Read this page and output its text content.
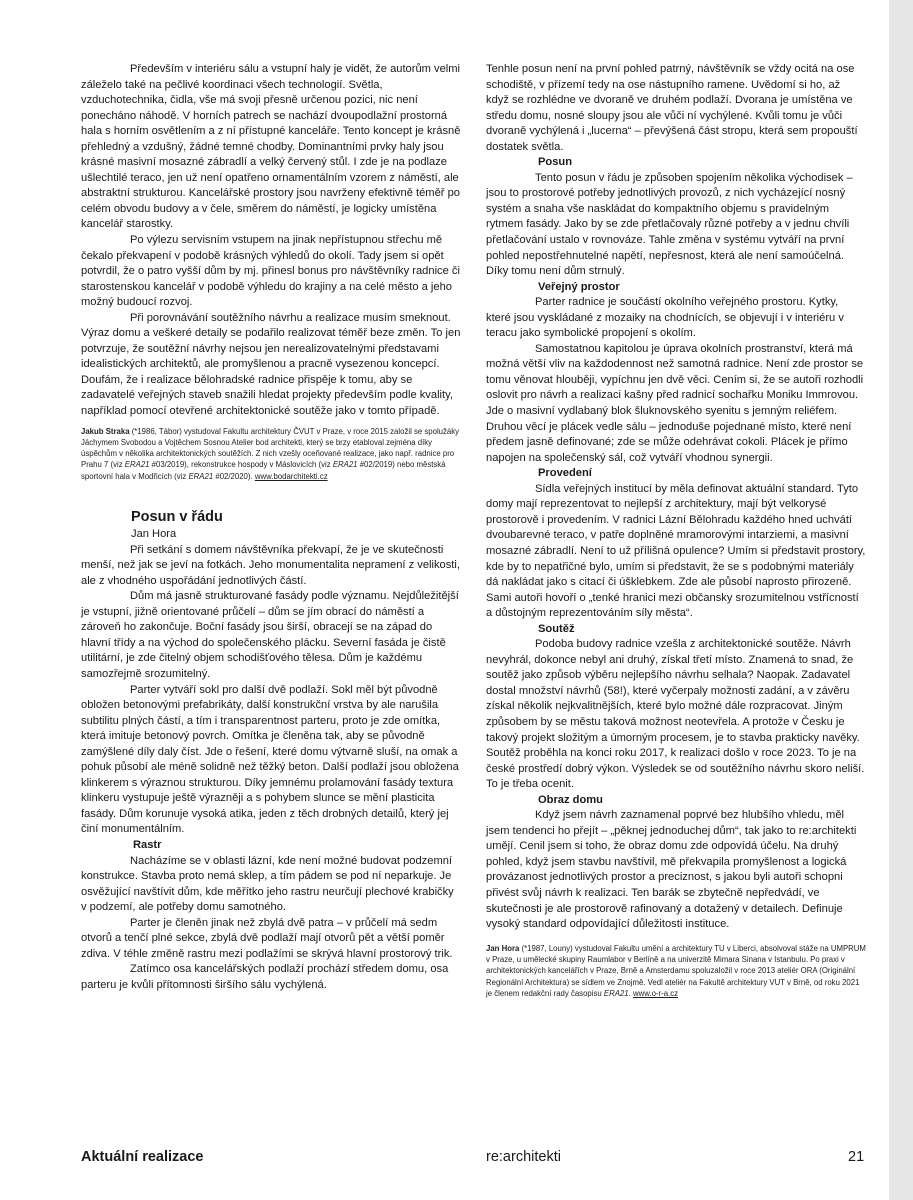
Především v interiéru sálu a vstupní haly je vidět, že autorům velmi záleželo také na pečlivé koordinaci všech technologií. Světla, vzduchotechnika, čidla, vše má svoji přesně určenou pozici, nic není ponecháno náhodě. V horních patrech se nachází dvoupodlažní prostorná hala s horním osvětlením a z ní přístupné kanceláře. Tento koncept je krásně přehledný a vzdušný, žádné temné chodby. Dominantními prvky haly jsou krásné masivní mosazné zábradlí a velký červený stůl. I zde je na podlaze ušlechtilé teraco, jen už není opatřeno ornamentálním vzorem z náměstí, ale abstraktní strukturou. Kancelářské prostory jsou navrženy efektivně téměř po celém obvodu budovy a v čele, směrem do náměstí, je logicky umístěna kancelář starostky.

Po výlezu servisním vstupem na jinak nepřístupnou střechu mě čekalo překvapení v podobě krásných výhledů do okolí. Tady jsem si opět potvrdil, že o patro vyšší dům by mj. přinesl bonus pro návštěvníky radnice či starostenskou kancelář v podobě výhledu do krajiny a na celé město a jeho možný budoucí rozvoj.

Při porovnávání soutěžního návrhu a realizace musím smeknout. Výraz domu a veškeré detaily se podařilo realizovat téměř beze změn. To jen potvrzuje, že soutěžní návrhy nejsou jen nerealizovatelnými představami idealistických architektů, ale promyšlenou a pracně vysezenou koncepcí. Doufám, že i realizace bělohradské radnice přispěje k tomu, aby se zadavatelé veřejných staveb snažili hledat projekty především podle kvality, například pomocí otevřené architektonické soutěže jako v tomto případě.

Jakub Straka (*1986, Tábor) vystudoval Fakultu architektury ČVUT v Praze, v roce 2015 založil se spolužáky Jáchymem Svobodou a Vojtěchem Sosnou Atelier bod architekti, který se brzy etabloval zejména díky úspěchům v několika architektonických soutěžích. Z nich vzešly oceňované realizace, jako např. radnice pro Prahu 7 (viz ERA21 #03/2019), rekonstrukce hospody v Máslovicích (viz ERA21 #02/2019) nebo městská sportovní hala v Modřicích (viz ERA21 #02/2020). www.bodarchitekti.cz

Posun v řádu

Jan Hora

Při setkání s domem návštěvníka překvapí, že je ve skutečnosti menší, než jak se jeví na fotkách. Jeho monumentalita nepramení z velikosti, ale z vhodného uspořádání jednotlivých částí.

Dům má jasně strukturované fasády podle významu. Nejdůležitější je vstupní, jižně orientované průčelí – dům se jím obrací do náměstí a zároveň ho zakončuje. Boční fasády jsou širší, obracejí se na západ do hlavní třídy a na východ do společenského plácku. Severní fasáda je čistě utilitární, je zde čitelný objem schodišťového tělesa. Dům je každému samozřejmě srozumitelný.

Parter vytváří sokl pro další dvě podlaží. Sokl měl být původně obložen betonovými prefabrikáty, další konstrukční vrstva by ale narušila subtilitu plných částí, a tím i transparentnost parteru, proto je zde omítka, která imituje betonový povrch. Omítka je členěna tak, aby se původně zamýšlené díly daly číst. Jde o řešení, které domu výtvarně sluší, na omak a pohuk působí ale méně solidně než těžký beton. Další podlaží jsou obložena klinkerem s výraznou strukturou. Díky jemnému prolamování fasády textura klinkeru vystupuje ještě výrazněji a s pohybem slunce se mění plasticita fasády. Dům korunuje vysoká atika, jeden z těch drobných detailů, který jej činí monumentálním.

Rastr

Nacházíme se v oblasti lázní, kde není možné budovat podzemní konstrukce. Stavba proto nemá sklep, a tím pádem se pod ní neparkuje. Je osvěžující navštívit dům, kde měřítko jeho rastru neurčují plechové krabičky v podzemí, ale potřeby domu samotného.

Parter je členěn jinak než zbylá dvě patra – v průčelí má sedm otvorů a tenčí plné sekce, zbylá dvě podlaží mají otvorů pět a větší poměr zdiva. V téhle změně rastru mezi podlažími se skrývá hlavní prostorový trik.

Zatímco osa kancelářských podlaží prochází středem domu, osa parteru je kvůli přítomnosti širšího sálu vychýlená.

Tenhle posun není na první pohled patrný, návštěvník se vždy ocitá na ose schodiště, v přízemí tedy na ose nástupního ramene. Uvědomí si ho, až když se rozhlédne ve dvoraně ve druhém podlaží. Dvorana je umístěna ve středu domu, nosné sloupy jsou ale vůči ní vychýlené. Kvůli tomu je vůči dvoraně vychýlená i „lucerna“ – převýšená část stropu, která sem propouští dostatek světla.

Posun

Tento posun v řádu je způsoben spojením několika východisek – jsou to prostorové potřeby jednotlivých provozů, z nich vycházející nosný systém a snaha vše naskládat do kompaktního objemu s pravidelným rytmem fasády. Jako by se zde přetlačovaly různé potřeby a v jednu chvíli přetlačování ustalo v rovnováze. Tahle změna v systému vytváří na první pohled nepostřehnutelné napětí, nepřesnost, která ale není samoúčelná. Díky tomu není dům strnulý.

Veřejný prostor

Parter radnice je součástí okolního veřejného prostoru. Kytky, které jsou vyskládané z mozaiky na chodnících, se objevují i v interiéru v teracu jako symbolické propojení s okolím.

Samostatnou kapitolou je úprava okolních prostranství, která má možná větší vliv na každodennost než samotná radnice. Není zde prostor se tomu věnovat hlouběji, vypíchnu jen dvě věci. Cením si, že se autoři rozhodli oslovit pro návrh a realizaci kašny před radnicí sochařku Moniku Immrovou. Jde o masivní vydlabaný blok šluknovského syenitu s jemným reliéfem. Druhou věcí je plácek vedle sálu – jednoduše pojednané místo, které není předem jasně definované; zde se může odehrávat cokoli. Plácek je přímo napojen na společenský sál, což vytváří vhodnou synergii.

Provedení

Sídla veřejných institucí by měla definovat aktuální standard. Tyto domy mají reprezentovat to nejlepší z architektury, mají být velkorysé prostorově i provedením. V radnici Lázní Bělohradu každého hned uchvátí dvoubarevné teraco, v patře doplněné mramorovými intarziemi, a masivní mosazné zábradlí. Není to už přílišná opulence? Umím si představit prostory, kde by to nepatřičné bylo, umím si představit, že se s podobnými materiály dá nakládat jako s citací či úšklebkem. Zde ale působí naprosto přirozeně. Sami autoři hovoří o „tenké hranici mezi občansky srozumitelnou vstřícností a důstojným reprezentováním síly města“.

Soutěž

Podoba budovy radnice vzešla z architektonické soutěže. Návrh nevyhrál, dokonce nebyl ani druhý, získal třetí místo. Znamená to snad, že soutěž jako způsob výběru nejlepšího návrhu selhala? Naopak. Zadavatel dostal množství návrhů (58!), které vyčerpaly možnosti zadání, a v závěru získal několik nejkvalitnějších, které bylo možné dále rozpracovat. Jiným způsobem by se městu taková možnost neotevřela. A protože v Česku je takový projekt složitým a úmorným procesem, je to stavba prakticky navěky. Soutěž proběhla na konci roku 2017, k realizaci došlo v roce 2023. To je na české prostředí dobrý výkon. Výsledek se od soutěžního návrhu skoro neliší. To je třeba ocenit.

Obraz domu

Když jsem návrh zaznamenal poprvé bez hlubšího vhledu, měl jsem tendenci ho přejít – „pěknej jednoduchej dům“, tak jako to re:architekti umějí. Cenil jsem si toho, že obraz domu zde odpovídá účelu. Na druhý pohled, když jsem stavbu navštívil, mě překvapila promyšlenost a logická provázanost jednotlivých prostor a preciznost, s jakou byli autoři schopni přivést svůj návrh k realizaci. Ten barák se zbytečně nepředvádí, ve skutečnosti je ale prostorově rafinovaný a dotažený v detailech. Definuje vysoký standard odpovídající důležitosti instituce.

Jan Hora (*1987, Louny) vystudoval Fakultu umění a architektury TU v Liberci, absolvoval stáže na UMPRUM v Praze, u umělecké skupiny Raumlabor v Berlíně a na univerzitě Mimara Sinana v Istanbulu. Po praxi v architektonických kancelářích v Praze, Brně a Amsterdamu spoluzaložil v roce 2013 ateliér ORA (Originální Regionální Architektura) se sídlem ve Znojmě. Vedl ateliér na Fakultě architektury VUT v Brně, od roku 2021 je členem redakční rady časopisu ERA21. www.o-r-a.cz

Aktuální realizace	re:architekti	21
